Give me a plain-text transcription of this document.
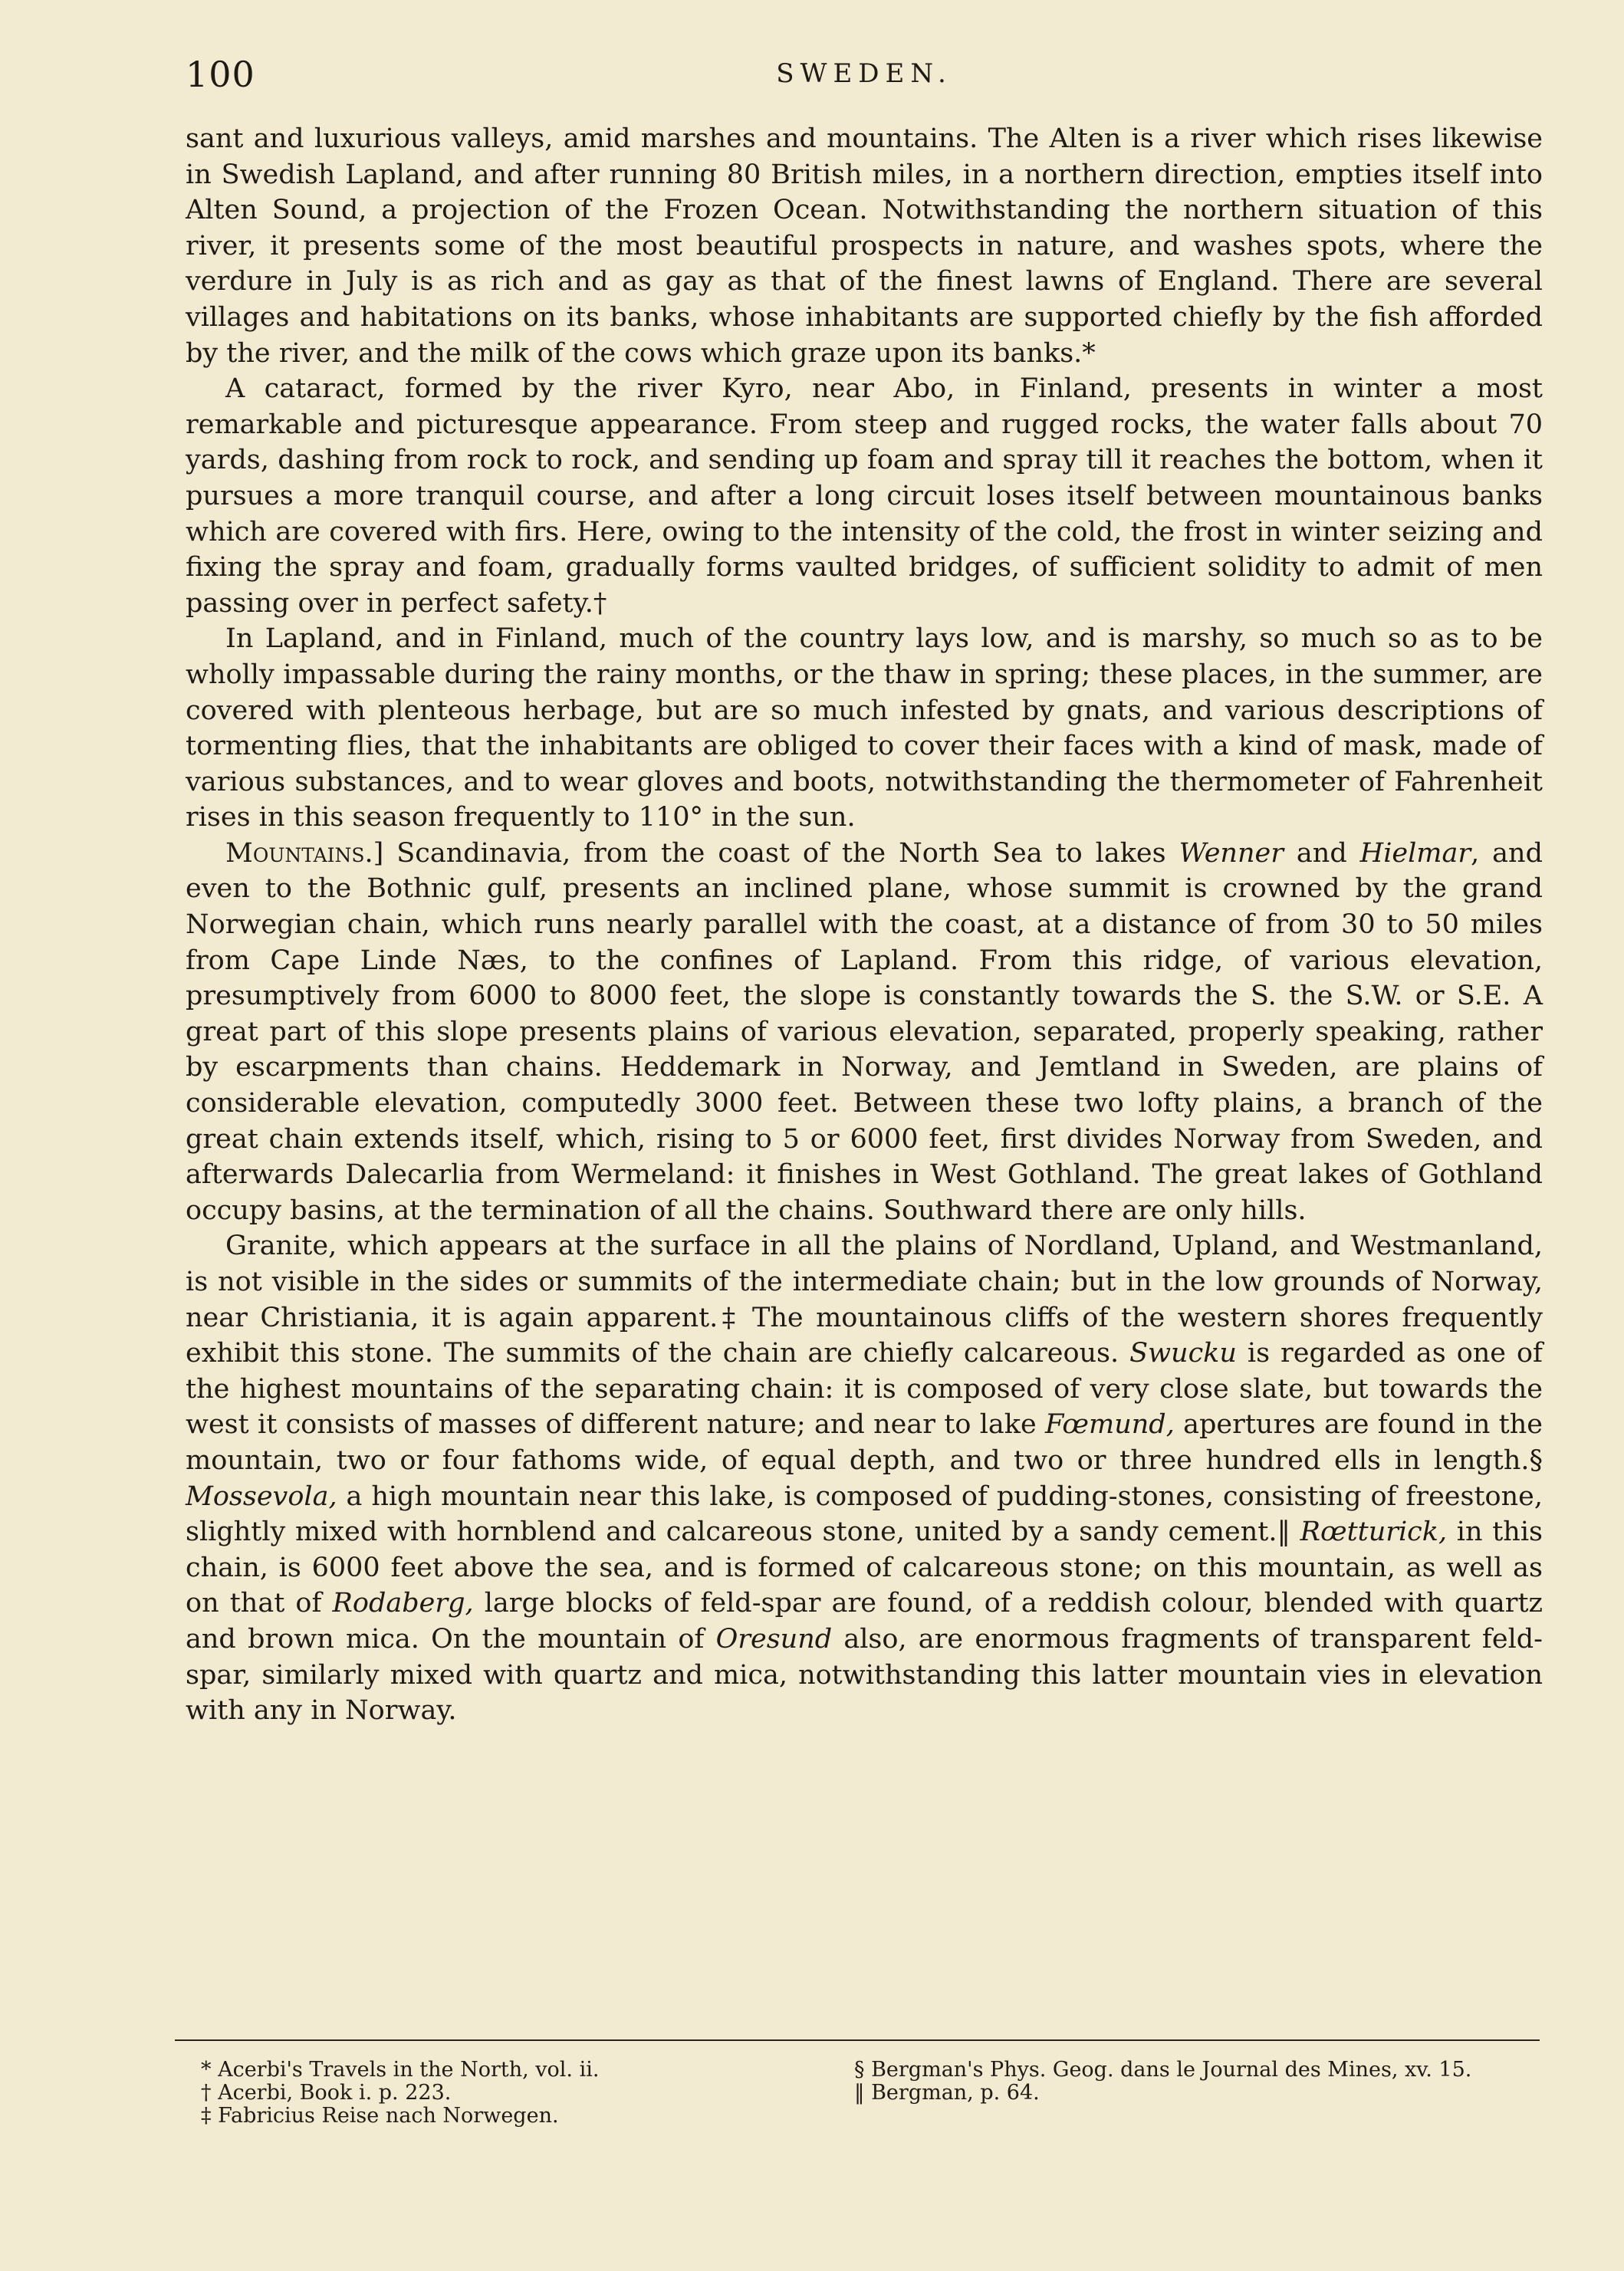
100	SWEDEN.

sant and luxurious valleys, amid marshes and mountains. The Alten is a river which rises likewise in Swedish Lapland, and after running 80 British miles, in a northern direction, empties itself into Alten Sound, a projection of the Frozen Ocean. Notwithstanding the northern situation of this river, it presents some of the most beautiful prospects in nature, and washes spots, where the verdure in July is as rich and as gay as that of the finest lawns of England. There are several villages and habitations on its banks, whose inhabitants are supported chiefly by the fish afforded by the river, and the milk of the cows which graze upon its banks.*

A cataract, formed by the river Kyro, near Abo, in Finland, presents in winter a most remarkable and picturesque appearance. From steep and rugged rocks, the water falls about 70 yards, dashing from rock to rock, and sending up foam and spray till it reaches the bottom, when it pursues a more tranquil course, and after a long circuit loses itself between mountainous banks which are covered with firs. Here, owing to the intensity of the cold, the frost in winter seizing and fixing the spray and foam, gradually forms vaulted bridges, of sufficient solidity to admit of men passing over in perfect safety.†

In Lapland, and in Finland, much of the country lays low, and is marshy, so much so as to be wholly impassable during the rainy months, or the thaw in spring; these places, in the summer, are covered with plenteous herbage, but are so much infested by gnats, and various descriptions of tormenting flies, that the inhabitants are obliged to cover their faces with a kind of mask, made of various substances, and to wear gloves and boots, notwithstanding the thermometer of Fahrenheit rises in this season frequently to 110° in the sun.

Mountains.] Scandinavia, from the coast of the North Sea to lakes Wenner and Hielmar, and even to the Bothnic gulf, presents an inclined plane, whose summit is crowned by the grand Norwegian chain, which runs nearly parallel with the coast, at a distance of from 30 to 50 miles from Cape Linde Næs, to the confines of Lapland. From this ridge, of various elevation, presumptively from 6000 to 8000 feet, the slope is constantly towards the S. the S.W. or S.E. A great part of this slope presents plains of various elevation, separated, properly speaking, rather by escarpments than chains. Heddemark in Norway, and Jemtland in Sweden, are plains of considerable elevation, computedly 3000 feet. Between these two lofty plains, a branch of the great chain extends itself, which, rising to 5 or 6000 feet, first divides Norway from Sweden, and afterwards Dalecarlia from Wermeland: it finishes in West Gothland. The great lakes of Gothland occupy basins, at the termination of all the chains. Southward there are only hills.

Granite, which appears at the surface in all the plains of Nordland, Upland, and Westmanland, is not visible in the sides or summits of the intermediate chain; but in the low grounds of Norway, near Christiania, it is again apparent.‡ The mountainous cliffs of the western shores frequently exhibit this stone. The summits of the chain are chiefly calcareous. Swucku is regarded as one of the highest mountains of the separating chain: it is composed of very close slate, but towards the west it consists of masses of different nature; and near to lake Fœmund, apertures are found in the mountain, two or four fathoms wide, of equal depth, and two or three hundred ells in length.§ Mossevola, a high mountain near this lake, is composed of pudding-stones, consisting of freestone, slightly mixed with hornblend and calcareous stone, united by a sandy cement.‖ Rœtturick, in this chain, is 6000 feet above the sea, and is formed of calcareous stone; on this mountain, as well as on that of Rodaberg, large blocks of feld-spar are found, of a reddish colour, blended with quartz and brown mica. On the mountain of Oresund also, are enormous fragments of transparent feld-spar, similarly mixed with quartz and mica, notwithstanding this latter mountain vies in elevation with any in Norway.

* Acerbi's Travels in the North, vol. ii.
† Acerbi, Book i. p. 223.
‡ Fabricius Reise nach Norwegen.
§ Bergman's Phys. Geog. dans le Journal des Mines, xv. 15.
‖ Bergman, p. 64.
